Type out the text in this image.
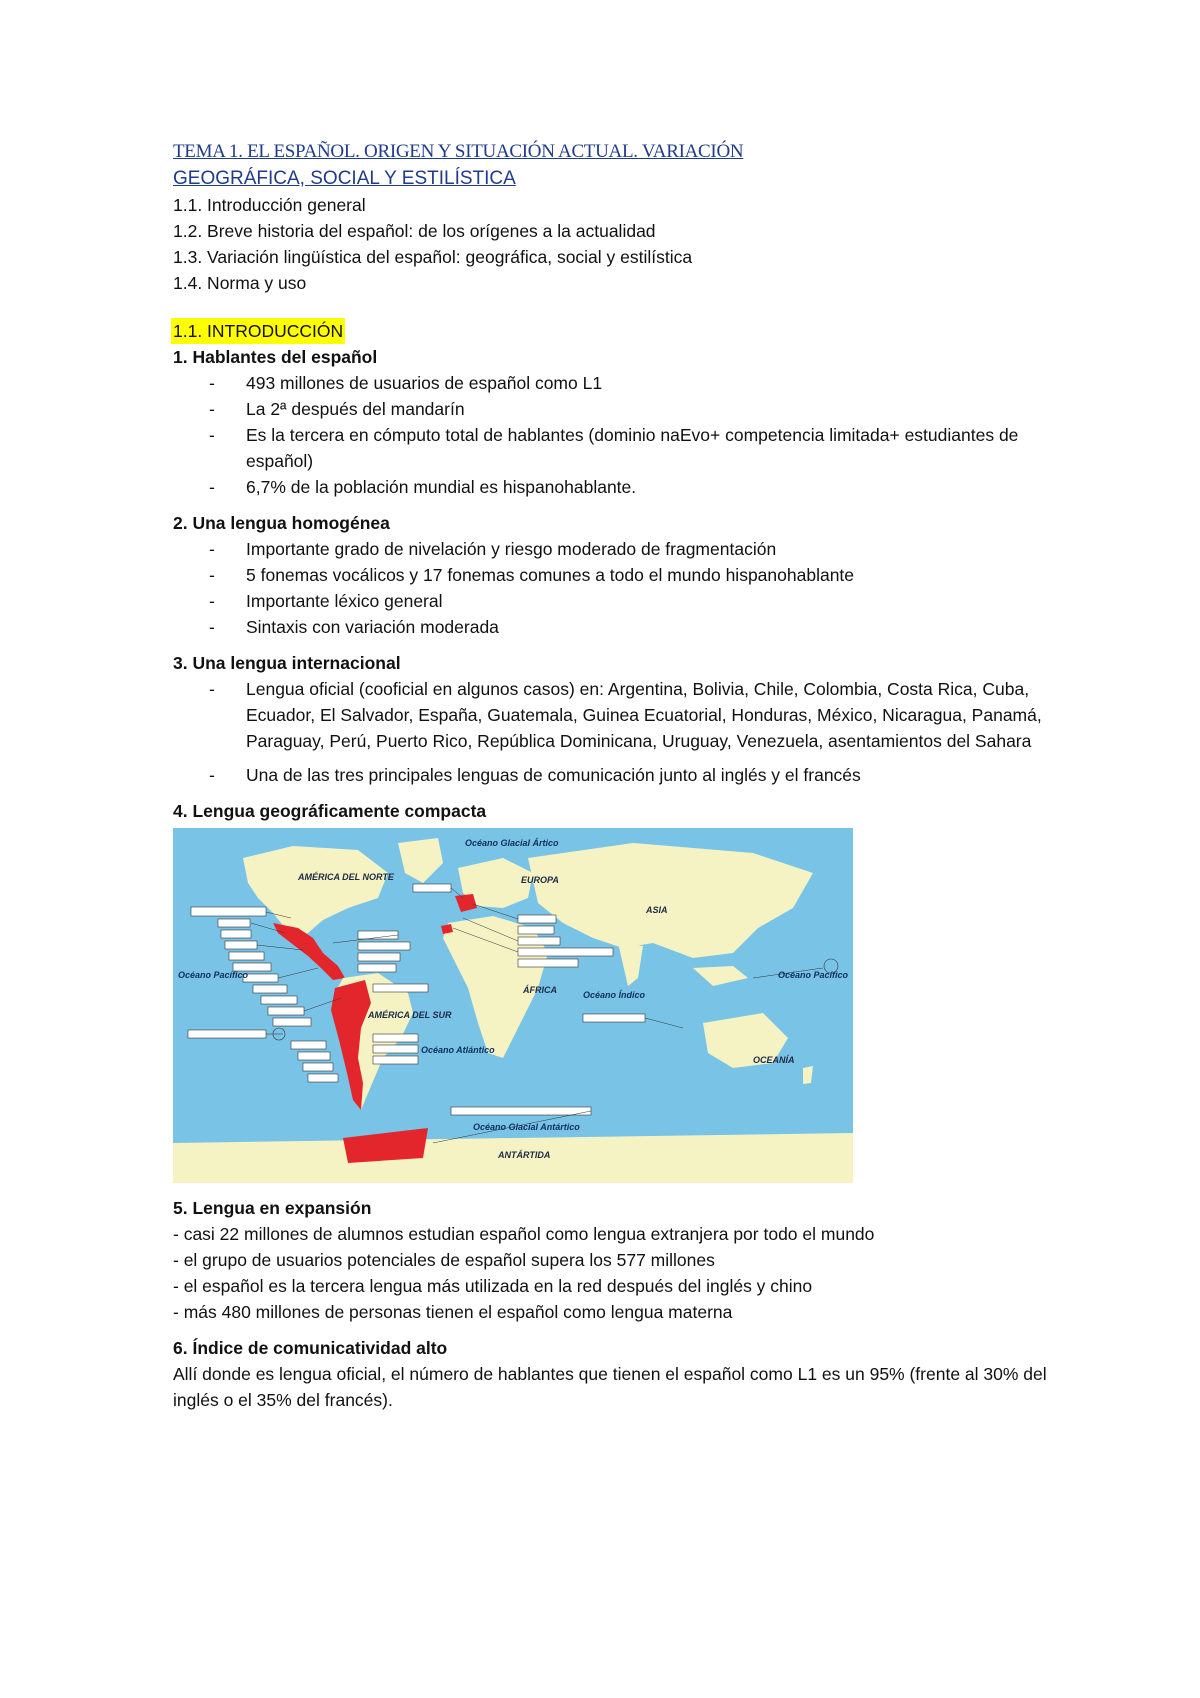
TEMA 1. EL ESPAÑOL. ORIGEN Y SITUACIÓN ACTUAL. VARIACIÓN
GEOGRÁFICA, SOCIAL Y ESTILÍSTICA
1.1. Introducción general
1.2. Breve historia del español: de los orígenes a la actualidad
1.3. Variación lingüística del español: geográfica, social y estilística
1.4. Norma y uso
1.1. INTRODUCCIÓN
1. Hablantes del español
- 493 millones de usuarios de español como L1
- La 2ª después del mandarín
- Es la tercera en cómputo total de hablantes (dominio naEvo+ competencia limitada+ estudiantes de español)
- 6,7% de la población mundial es hispanohablante.
2. Una lengua homogénea
- Importante grado de nivelación y riesgo moderado de fragmentación
- 5 fonemas vocálicos y 17 fonemas comunes a todo el mundo hispanohablante
- Importante léxico general
- Sintaxis con variación moderada
3. Una lengua internacional
- Lengua oficial (cooficial en algunos casos) en: Argentina, Bolivia, Chile, Colombia, Costa Rica, Cuba, Ecuador, El Salvador, España, Guatemala, Guinea Ecuatorial, Honduras, México, Nicaragua, Panamá, Paraguay, Perú, Puerto Rico, República Dominicana, Uruguay, Venezuela, asentamientos del Sahara
- Una de las tres principales lenguas de comunicación junto al inglés y el francés
4. Lengua geográficamente compacta
Océano Glacial Ártico
Océano Atlántico
Océano Índico
Océano Pacífico	Océano Pacífico
Océano Glacial Antártico
AMÉRICA DEL NORTE	EUROPA
ASIA
AMÉRICA DEL SUR
ÁFRICA
OCEANÍA
ANTÁRTIDA
5. Lengua en expansión
- casi 22 millones de alumnos estudian español como lengua extranjera por todo el mundo
- el grupo de usuarios potenciales de español supera los 577 millones
- el español es la tercera lengua más utilizada en la red después del inglés y chino
- más 480 millones de personas tienen el español como lengua materna
6. Índice de comunicatividad alto
Allí donde es lengua oficial, el número de hablantes que tienen el español como L1 es un 95% (frente al 30% del inglés o el 35% del francés).
